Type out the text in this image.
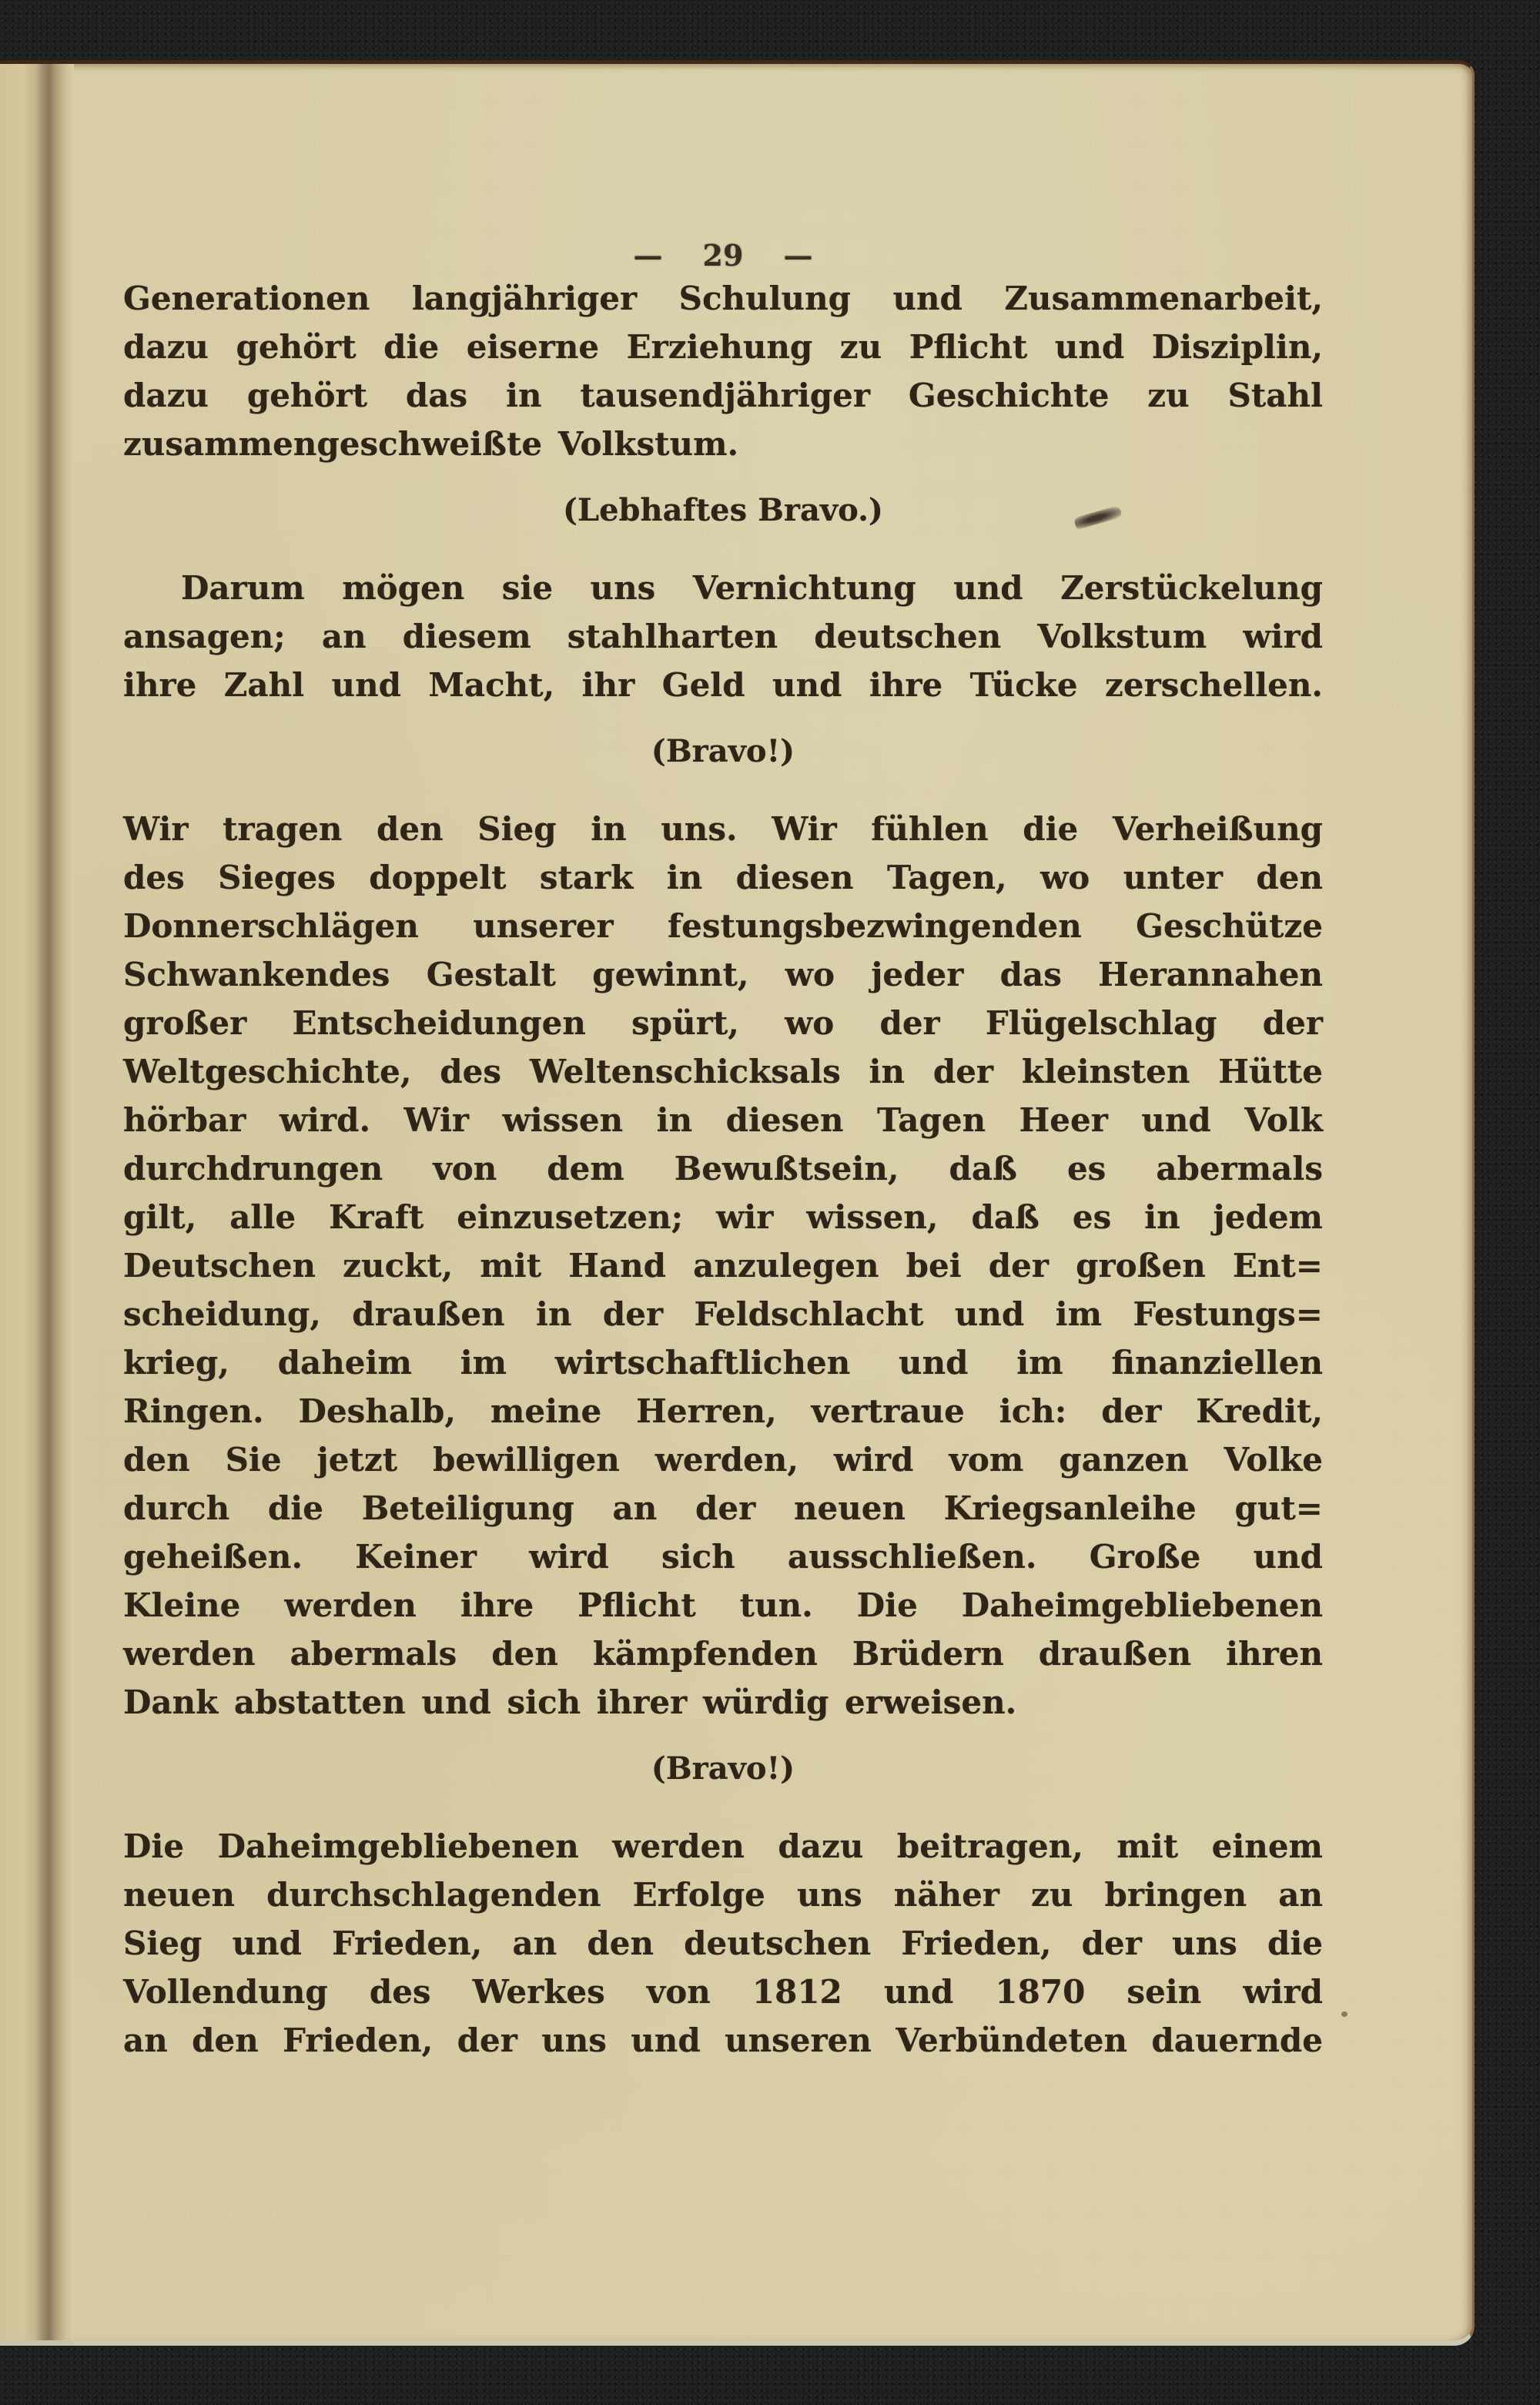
— 29 —
Generationen langjähriger Schulung und Zusammenarbeit,
dazu gehört die eiserne Erziehung zu Pflicht und Disziplin,
dazu gehört das in tausendjähriger Geschichte zu Stahl
zusammengeschweißte Volkstum.
(Lebhaftes Bravo.)
Darum mögen sie uns Vernichtung und Zerstückelung
ansagen; an diesem stahlharten deutschen Volkstum wird
ihre Zahl und Macht, ihr Geld und ihre Tücke zerschellen.
(Bravo!)
Wir tragen den Sieg in uns. Wir fühlen die Verheißung
des Sieges doppelt stark in diesen Tagen, wo unter den
Donnerschlägen unserer festungsbezwingenden Geschütze
Schwankendes Gestalt gewinnt, wo jeder das Herannahen
großer Entscheidungen spürt, wo der Flügelschlag der
Weltgeschichte, des Weltenschicksals in der kleinsten Hütte
hörbar wird. Wir wissen in diesen Tagen Heer und Volk
durchdrungen von dem Bewußtsein, daß es abermals
gilt, alle Kraft einzusetzen; wir wissen, daß es in jedem
Deutschen zuckt, mit Hand anzulegen bei der großen Ent=
scheidung, draußen in der Feldschlacht und im Festungs=
krieg, daheim im wirtschaftlichen und im finanziellen
Ringen. Deshalb, meine Herren, vertraue ich: der Kredit,
den Sie jetzt bewilligen werden, wird vom ganzen Volke
durch die Beteiligung an der neuen Kriegsanleihe gut=
geheißen. Keiner wird sich ausschließen. Große und
Kleine werden ihre Pflicht tun. Die Daheimgebliebenen
werden abermals den kämpfenden Brüdern draußen ihren
Dank abstatten und sich ihrer würdig erweisen.
(Bravo!)
Die Daheimgebliebenen werden dazu beitragen, mit einem
neuen durchschlagenden Erfolge uns näher zu bringen an
Sieg und Frieden, an den deutschen Frieden, der uns die
Vollendung des Werkes von 1812 und 1870 sein wird
an den Frieden, der uns und unseren Verbündeten dauernde
